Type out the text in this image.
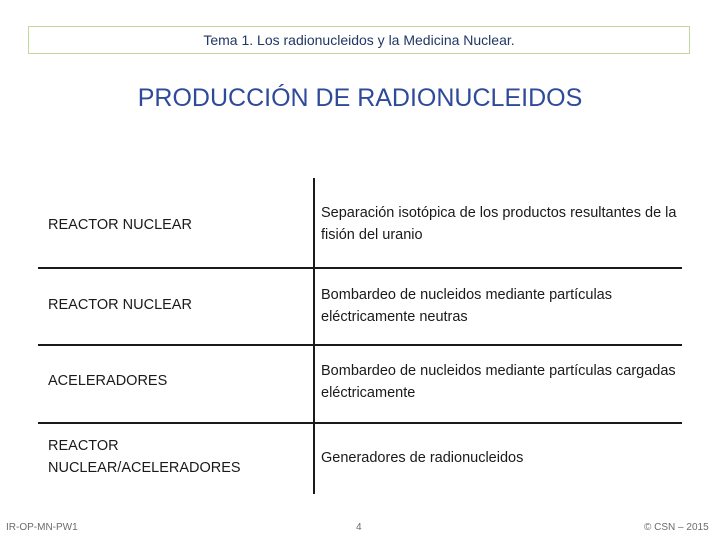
Tema 1. Los radionucleidos y la Medicina Nuclear.
PRODUCCIÓN DE RADIONUCLEIDOS
REACTOR NUCLEAR
Separación isotópica de los productos resultantes de la fisión del uranio
REACTOR NUCLEAR
Bombardeo de nucleidos mediante partículas eléctricamente neutras
ACELERADORES
Bombardeo de nucleidos mediante partículas cargadas eléctricamente
REACTOR NUCLEAR/ACELERADORES
Generadores de radionucleidos
IR-OP-MN-PW1	4	© CSN – 2015
